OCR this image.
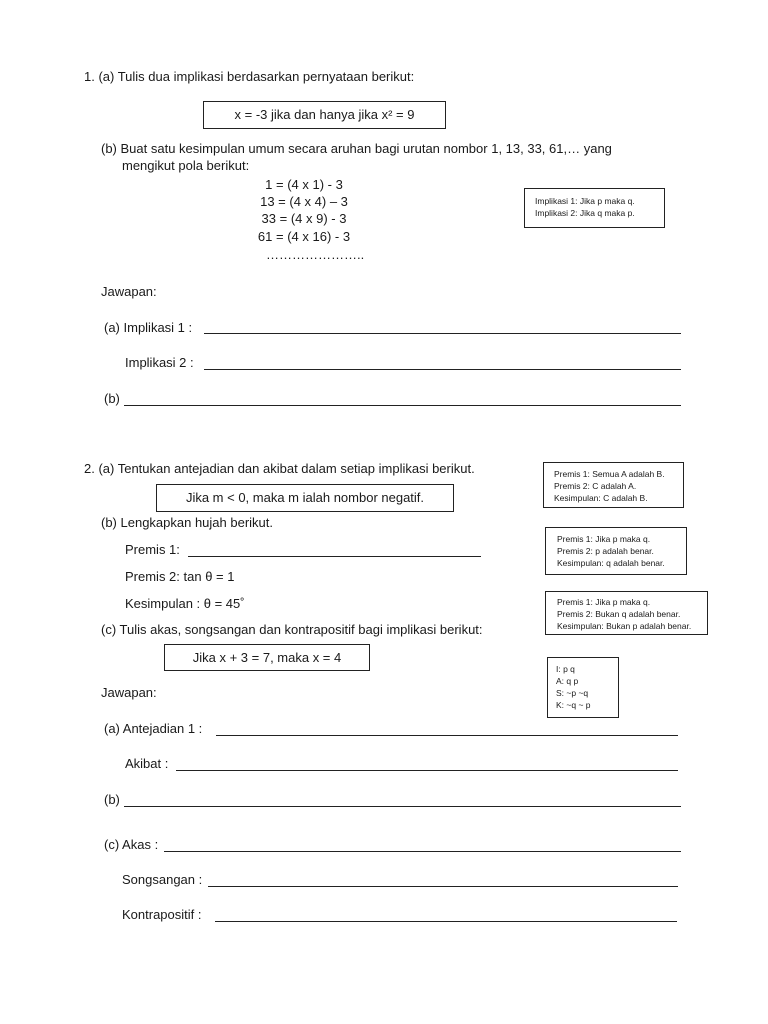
1. (a) Tulis dua implikasi berdasarkan pernyataan berikut:
x = -3 jika dan hanya jika x² = 9
(b) Buat satu kesimpulan umum secara aruhan bagi urutan nombor 1, 13, 33, 61,… yang
mengikut pola berikut:
1 = (4 x 1) - 3
13 = (4 x 4) – 3
33 = (4 x 9) - 3
61 = (4 x 16) - 3
…………………..
Implikasi 1: Jika p maka q.
Implikasi 2: Jika q maka p.
Jawapan:
(a) Implikasi 1 :
Implikasi 2 :
(b)
2. (a) Tentukan antejadian dan akibat dalam setiap implikasi berikut.
Jika m < 0, maka m ialah nombor negatif.
Premis 1: Semua A adalah B.
Premis 2: C adalah A.
Kesimpulan: C adalah B.
(b) Lengkapkan hujah berikut.
Premis 1: Jika p maka q.
Premis 2: p adalah benar.
Kesimpulan: q adalah benar.
Premis 1:
Premis 2: tan θ = 1
Kesimpulan : θ = 45˚	Premis 1: Jika p maka q.
Premis 2: Bukan q adalah benar.
Kesimpulan: Bukan p adalah benar.
(c) Tulis akas, songsangan dan kontrapositif bagi implikasi berikut:
Jika x + 3 = 7, maka x = 4
I: p q
A: q p
S: ~p ~q
K: ~q ~ p
Jawapan:
(a) Antejadian 1 :
Akibat :
(b)
(c) Akas :
Songsangan :
Kontrapositif :
